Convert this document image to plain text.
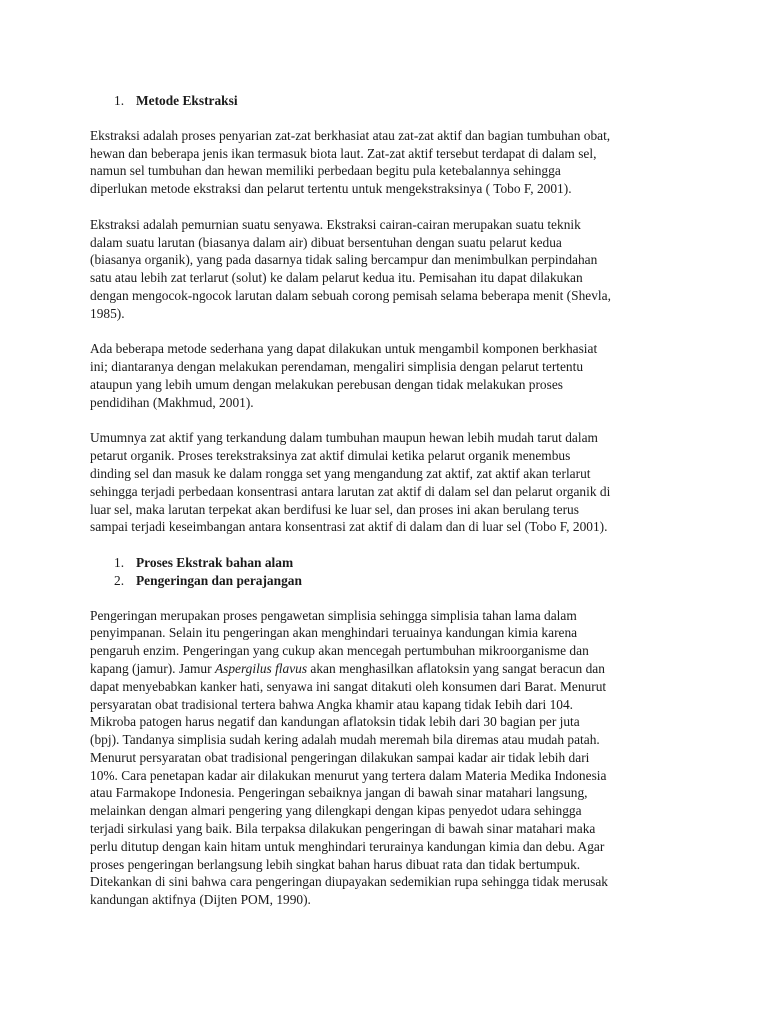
1. Metode Ekstraksi

Ekstraksi adalah proses penyarian zat-zat berkhasiat atau zat-zat aktif dan bagian tumbuhan obat,
hewan dan beberapa jenis ikan termasuk biota laut. Zat-zat aktif tersebut terdapat di dalam sel,
namun sel tumbuhan dan hewan memiliki perbedaan begitu pula ketebalannya sehingga
diperlukan metode ekstraksi dan pelarut tertentu untuk mengekstraksinya ( Tobo F, 2001).

Ekstraksi adalah pemurnian suatu senyawa. Ekstraksi cairan-cairan merupakan suatu teknik
dalam suatu larutan (biasanya dalam air) dibuat bersentuhan dengan suatu pelarut kedua
(biasanya organik), yang pada dasarnya tidak saling bercampur dan menimbulkan perpindahan
satu atau lebih zat terlarut (solut) ke dalam pelarut kedua itu. Pemisahan itu dapat dilakukan
dengan mengocok-ngocok larutan dalam sebuah corong pemisah selama beberapa menit (Shevla,
1985).

Ada beberapa metode sederhana yang dapat dilakukan untuk mengambil komponen berkhasiat
ini; diantaranya dengan melakukan perendaman, mengaliri simplisia dengan pelarut tertentu
ataupun yang lebih umum dengan melakukan perebusan dengan tidak melakukan proses
pendidihan (Makhmud, 2001).

Umumnya zat aktif yang terkandung dalam tumbuhan maupun hewan lebih mudah tarut dalam
petarut organik. Proses terekstraksinya zat aktif dimulai ketika pelarut organik menembus
dinding sel dan masuk ke dalam rongga set yang mengandung zat aktif, zat aktif akan terlarut
sehingga terjadi perbedaan konsentrasi antara larutan zat aktif di dalam sel dan pelarut organik di
luar sel, maka larutan terpekat akan berdifusi ke luar sel, dan proses ini akan berulang terus
sampai terjadi keseimbangan antara konsentrasi zat aktif di dalam dan di luar sel (Tobo F, 2001).

1. Proses Ekstrak bahan alam
2. Pengeringan dan perajangan

Pengeringan merupakan proses pengawetan simplisia sehingga simplisia tahan lama dalam
penyimpanan. Selain itu pengeringan akan menghindari teruainya kandungan kimia karena
pengaruh enzim. Pengeringan yang cukup akan mencegah pertumbuhan mikroorganisme dan
kapang (jamur). Jamur Aspergilus flavus akan menghasilkan aflatoksin yang sangat beracun dan
dapat menyebabkan kanker hati, senyawa ini sangat ditakuti oleh konsumen dari Barat. Menurut
persyaratan obat tradisional tertera bahwa Angka khamir atau kapang tidak Iebih dari 104.
Mikroba patogen harus negatif dan kandungan aflatoksin tidak lebih dari 30 bagian per juta
(bpj). Tandanya simplisia sudah kering adalah mudah meremah bila diremas atau mudah patah.
Menurut persyaratan obat tradisional pengeringan dilakukan sampai kadar air tidak lebih dari
10%. Cara penetapan kadar air dilakukan menurut yang tertera dalam Materia Medika Indonesia
atau Farmakope Indonesia. Pengeringan sebaiknya jangan di bawah sinar matahari langsung,
melainkan dengan almari pengering yang dilengkapi dengan kipas penyedot udara sehingga
terjadi sirkulasi yang baik. Bila terpaksa dilakukan pengeringan di bawah sinar matahari maka
perlu ditutup dengan kain hitam untuk menghindari terurainya kandungan kimia dan debu. Agar
proses pengeringan berlangsung lebih singkat bahan harus dibuat rata dan tidak bertumpuk.
Ditekankan di sini bahwa cara pengeringan diupayakan sedemikian rupa sehingga tidak merusak
kandungan aktifnya (Dijten POM, 1990).
